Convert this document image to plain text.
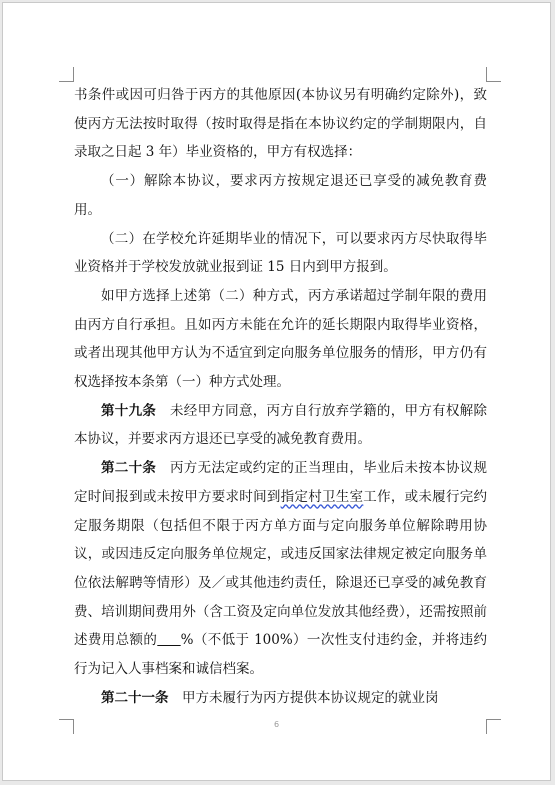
书条件或因可归咎于丙方的其他原因(本协议另有明确约定除外)，致使丙方无法按时取得（按时取得是指在本协议约定的学制期限内，自录取之日起 3 年）毕业资格的，甲方有权选择：

（一）解除本协议，要求丙方按规定退还已享受的减免教育费用。

（二）在学校允许延期毕业的情况下，可以要求丙方尽快取得毕业资格并于学校发放就业报到证 15 日内到甲方报到。

如甲方选择上述第（二）种方式，丙方承诺超过学制年限的费用由丙方自行承担。且如丙方未能在允许的延长期限内取得毕业资格，或者出现其他甲方认为不适宜到定向服务单位服务的情形，甲方仍有权选择按本条第（一）种方式处理。

第十九条　 未经甲方同意，丙方自行放弃学籍的，甲方有权解除本协议，并要求丙方退还已享受的减免教育费用。

第二十条　 丙方无法定或约定的正当理由，毕业后未按本协议规定时间报到或未按甲方要求时间到指定村卫生室工作，或未履行完约定服务期限（包括但不限于丙方单方面与定向服务单位解除聘用协议，或因违反定向服务单位规定，或违反国家法律规定被定向服务单位依法解聘等情形）及／或其他违约责任，除退还已享受的减免教育费、培训期间费用外（含工资及定向单位发放其他经费），还需按照前述费用总额的 %（不低于 100%）一次性支付违约金，并将违约行为记入人事档案和诚信档案。

第二十一条　 甲方未履行为丙方提供本协议规定的就业岗

6
